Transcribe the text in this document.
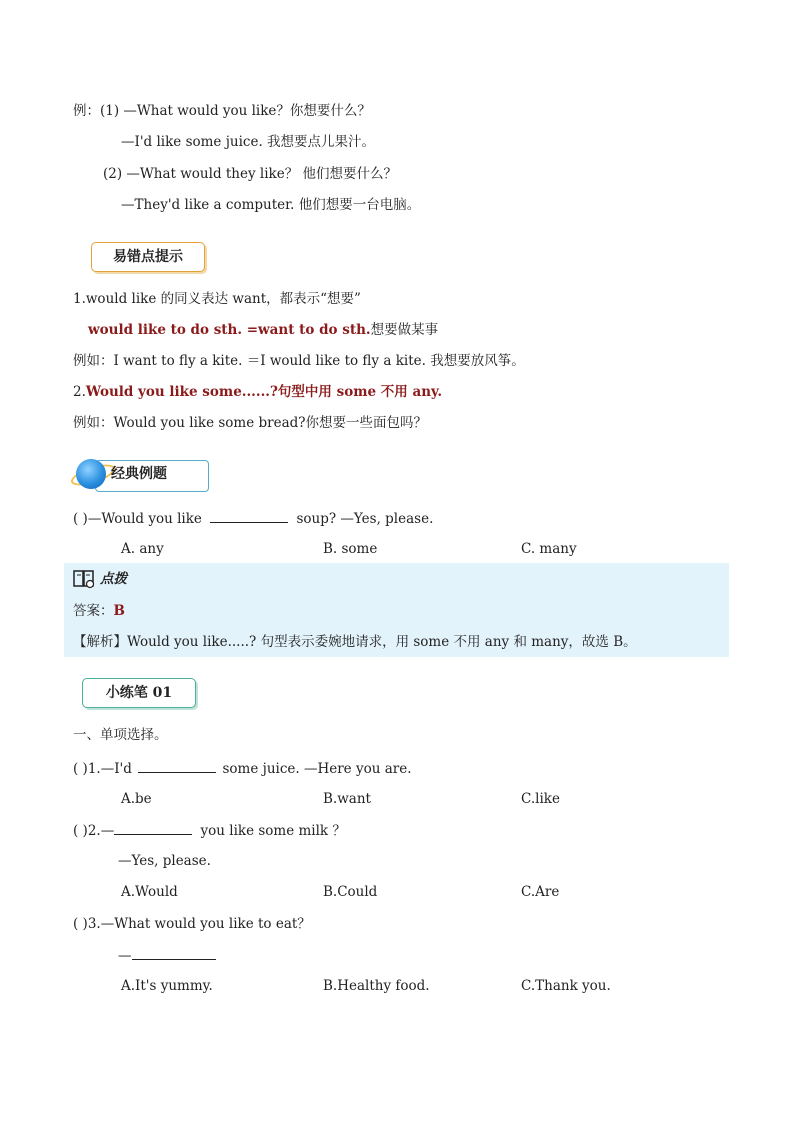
例：(1) —What would you like？你想要什么？
—I'd like some juice. 我想要点儿果汁。
(2) —What would they like？ 他们想要什么？
—They'd like a computer. 他们想要一台电脑。
易错点提示
1.would like 的同义表达 want，都表示“想要”
would like to do sth. =want to do sth.想要做某事
例如：I want to fly a kite. ＝I would like to fly a kite. 我想要放风筝。
2.Would you like some......?句型中用 some 不用 any.
例如：Would you like some bread?你想要一些面包吗？
经典例题
( )—Would you like	soup? —Yes, please.
A. any	B. some	C. many
点拨
答案：B
【解析】Would you like.....? 句型表示委婉地请求，用 some 不用 any 和 many，故选 B。
小练笔 01
一、单项选择。
( )1.—I'd	some juice. —Here you are.
A.be	B.want	C.like
( )2.—	you like some milk ？
—Yes, please.
A.Would	B.Could	C.Are
( )3.—What would you like to eat？
—
A.It's yummy.	B.Healthy food.	C.Thank you.
